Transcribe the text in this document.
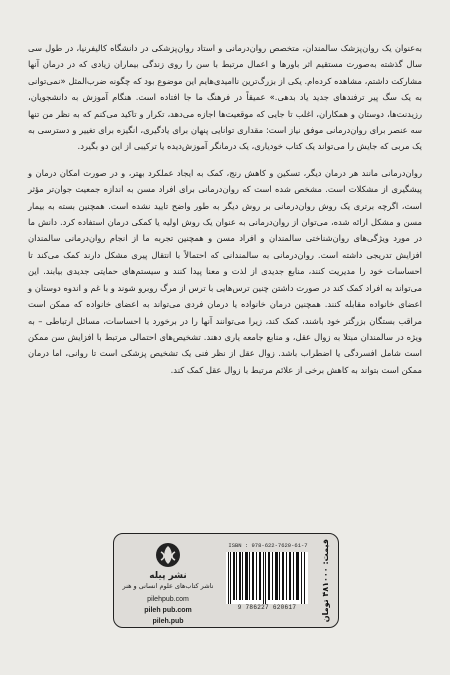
به‌عنوان یک روان‌پزشک سالمندان، متخصص روان‌درمانی و استاد روان‌پزشکی در دانشگاه کالیفرنیا، در طول سی سال گذشته به‌صورت مستقیم اثر باورها و اعمال مرتبط با سن را روی زندگی بیماران زیادی که در درمان آنها مشارکت داشتم، مشاهده کرده‌ام. یکی از بزرگ‌ترین ناامیدی‌هایم این موضوع بود که چگونه ضرب‌المثل «نمی‌توانی به یک سگ پیر ترفندهای جدید یاد بدهی.» عمیقاً در فرهنگ ما جا افتاده است. هنگام آموزش به دانشجویان، رزیدنت‌ها، دوستان و همکاران، اغلب تا جایی که موقعیت‌ها اجازه می‌دهد، تکرار و تاکید می‌کنم که به نظر من تنها سه عنصر برای روان‌درمانی موفق نیاز است: مقداری توانایی پنهان برای یادگیری، انگیزه برای تغییر و دسترسی به یک مربی که جایش را می‌تواند یک کتاب خودیاری، یک درمانگر آموزش‌دیده یا ترکیبی از این دو بگیرد.

روان‌درمانی مانند هر درمان دیگر، تسکین و کاهش رنج، کمک به ایجاد عملکرد بهتر، و در صورت امکان درمان و پیشگیری از مشکلات است. مشخص شده است که روان‌درمانی برای افراد مسن به اندازه جمعیت جوان‌تر مؤثر است، اگرچه برتری یک روش روان‌درمانی بر روش دیگر به طور واضح تایید نشده است. همچنین بسته به بیمار مسن و مشکل ارائه شده، می‌توان از روان‌درمانی به عنوان یک روش اولیه یا کمکی درمان استفاده کرد. دانش ما در مورد ویژگی‌های روان‌شناختی سالمندان و افراد مسن و همچنین تجربه ما از انجام روان‌درمانی سالمندان افزایش تدریجی داشته است. روان‌درمانی به سالمندانی که احتمالاً با انتقال پیری مشکل دارند کمک می‌کند تا احساسات خود را مدیریت کنند، منابع جدیدی از لذت و معنا پیدا کنند و سیستم‌های حمایتی جدیدی بیابند. این می‌تواند به افراد کمک کند در صورت داشتن چنین ترس‌هایی با ترس از مرگ روبرو شوند و با غم و اندوه دوستان و اعضای خانواده مقابله کنند. همچنین درمان خانواده یا درمان فردی می‌تواند به اعضای خانواده که ممکن است مراقب بستگان بزرگتر خود باشند، کمک کند، زیرا می‌توانند آنها را در برخورد با احساسات، مسائل ارتباطی – به ویژه در سالمندان مبتلا به زوال عقل، و منابع جامعه یاری دهند. تشخیص‌های احتمالی مرتبط با افزایش سن ممکن است شامل افسردگی یا اضطراب باشد. زوال عقل از نظر فنی یک تشخیص پزشکی است تا روانی، اما درمان ممکن است بتواند به کاهش برخی از علائم مرتبط با زوال عقل کمک کند.

نشر پیله
ناشر کتاب‌های علوم انسانی و هنر
pilehpub.com
pileh pub.com
pileh.pub
ISBN : 978-622-7620-61-7
9 786227 620617	قیمت: ۴۸۱۰۰۰ تومان
